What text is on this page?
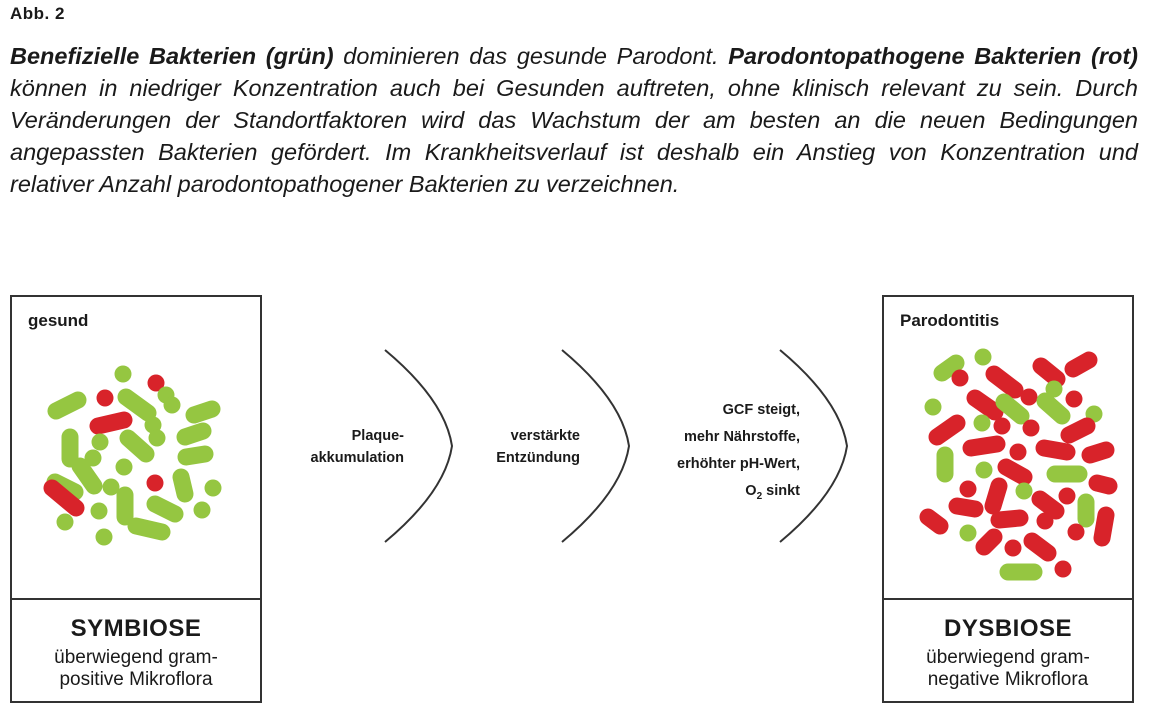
Abb. 2
Benefizielle Bakterien (grün) dominieren das gesunde Parodont. Parodontopathogene Bakterien (rot) können in niedriger Konzentration auch bei Gesunden auftreten, ohne klinisch relevant zu sein. Durch Veränderungen der Standortfaktoren wird das Wachstum der am besten an die neuen Bedingungen angepassten Bakterien gefördert. Im Krankheitsverlauf ist deshalb ein Anstieg von Konzentration und relativer Anzahl parodontopathogener Bakterien zu verzeichnen.
gesund
SYMBIOSE
überwiegend gram-
positive Mikroflora
Parodontitis
DYSBIOSE
überwiegend gram-
negative Mikroflora
Plaque-
akkumulation
verstärkte
Entzündung
GCF steigt,
mehr Nährstoffe,
erhöhter pH-Wert,
$O_2$ sinkt
